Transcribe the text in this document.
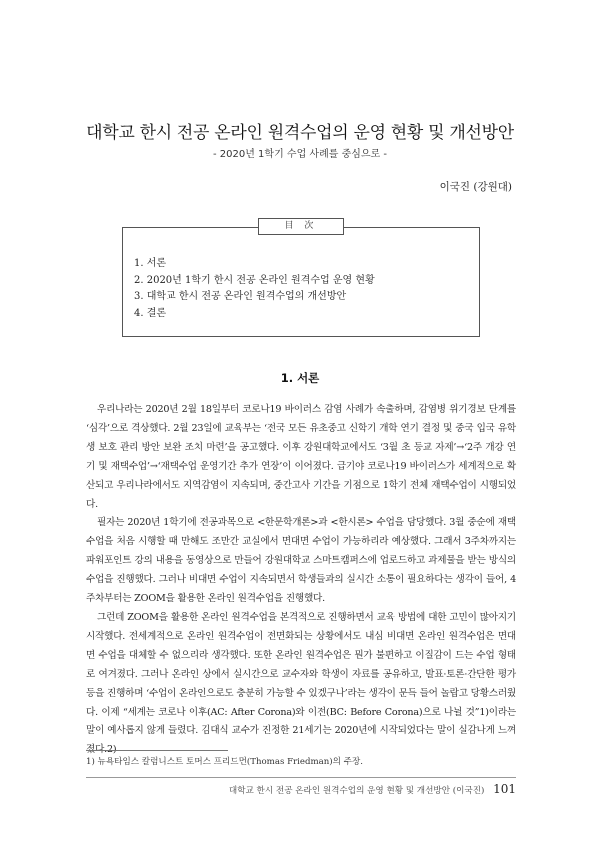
대학교 한시 전공 온라인 원격수업의 운영 현황 및 개선방안
- 2020년 1학기 수업 사례를 중심으로 -
이국진 (강원대)
目 次
1. 서론
2. 2020년 1학기 한시 전공 온라인 원격수업 운영 현황
3. 대학교 한시 전공 온라인 원격수업의 개선방안
4. 결론
1. 서론

우리나라는 2020년 2월 18일부터 코로나19 바이러스 감염 사례가 속출하며, 감염병 위기경보 단계를 ‘심각’으로 격상했다. 2월 23일에 교육부는 ‘전국 모든 유초중고 신학기 개학 연기 결정 및 중국 입국 유학생 보호 관리 방안 보완 조치 마련’을 공고했다. 이후 강원대학교에서도 ‘3월 초 등교 자제’→‘2주 개강 연기 및 재택수업’→‘재택수업 운영기간 추가 연장’이 이어졌다. 급기야 코로나19 바이러스가 세계적으로 확산되고 우리나라에서도 지역감염이 지속되며, 중간고사 기간을 기점으로 1학기 전체 재택수업이 시행되었다.

필자는 2020년 1학기에 전공과목으로 <한문학개론>과 <한시론> 수업을 담당했다. 3월 중순에 재택수업을 처음 시행할 때 만해도 조만간 교실에서 면대면 수업이 가능하리라 예상했다. 그래서 3주차까지는 파워포인트 강의 내용을 동영상으로 만들어 강원대학교 스마트캠퍼스에 업로드하고 과제물을 받는 방식의 수업을 진행했다. 그러나 비대면 수업이 지속되면서 학생들과의 실시간 소통이 필요하다는 생각이 들어, 4주차부터는 ZOOM을 활용한 온라인 원격수업을 진행했다.

그런데 ZOOM을 활용한 온라인 원격수업을 본격적으로 진행하면서 교육 방법에 대한 고민이 많아지기 시작했다. 전세계적으로 온라인 원격수업이 전면화되는 상황에서도 내심 비대면 온라인 원격수업은 면대면 수업을 대체할 수 없으리라 생각했다. 또한 온라인 원격수업은 뭔가 불편하고 이질감이 드는 수업 형태로 여겨졌다. 그러나 온라인 상에서 실시간으로 교수자와 학생이 자료를 공유하고, 발표·토론·간단한 평가 등을 진행하며 ‘수업이 온라인으로도 충분히 가능할 수 있겠구나’라는 생각이 문득 들어 놀랍고 당황스러웠다. 이제 “세계는 코로나 이후(AC: After Corona)와 이전(BC: Before Corona)으로 나뉠 것”1)이라는 말이 예사롭지 않게 들렸다. 김대식 교수가 진정한 21세기는 2020년에 시작되었다는 말이 실감나게 느껴졌다.2)

1) 뉴욕타임스 칼럼니스트 토머스 프리드먼(Thomas Friedman)의 주장.
대학교 한시 전공 온라인 원격수업의 운영 현황 및 개선방안 (이국진) 101
